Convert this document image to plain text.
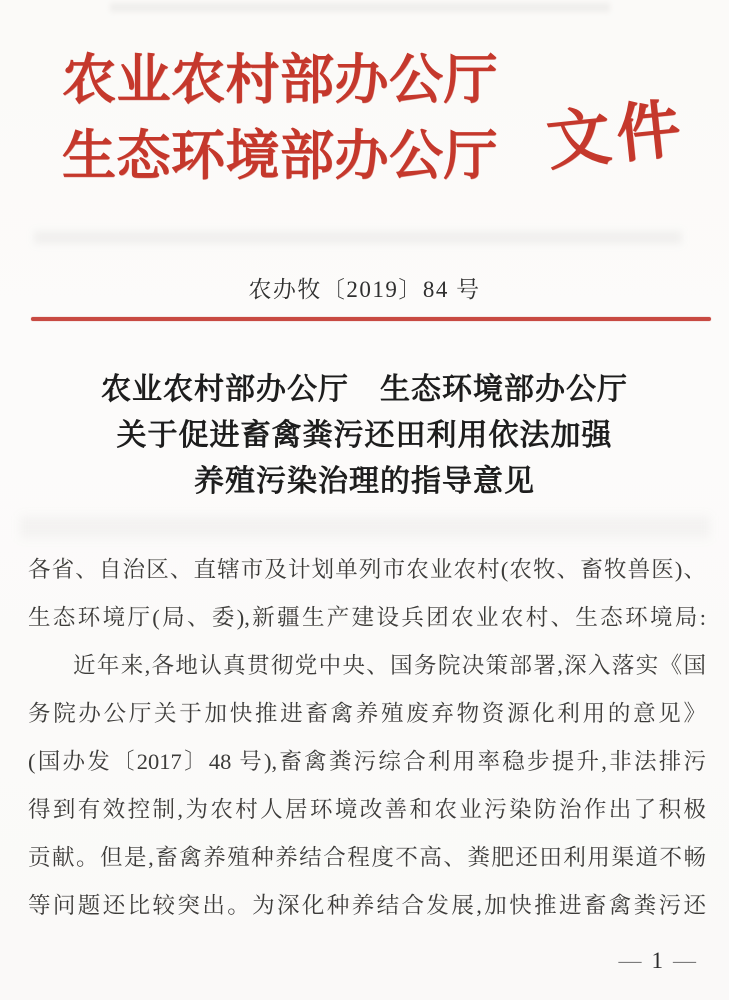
农业农村部办公厅
生态环境部办公厅 文件
农办牧〔2019〕84 号
农业农村部办公厅　生态环境部办公厅
关于促进畜禽粪污还田利用依法加强
养殖污染治理的指导意见

各省、自治区、直辖市及计划单列市农业农村(农牧、畜牧兽医)、

生态环境厅(局、委),新疆生产建设兵团农业农村、生态环境局:

近年来,各地认真贯彻党中央、国务院决策部署,深入落实《国

务院办公厅关于加快推进畜禽养殖废弃物资源化利用的意见》

(国办发〔2017〕48 号),畜禽粪污综合利用率稳步提升,非法排污

得到有效控制,为农村人居环境改善和农业污染防治作出了积极

贡献。但是,畜禽养殖种养结合程度不高、粪肥还田利用渠道不畅

等问题还比较突出。为深化种养结合发展,加快推进畜禽粪污还

— 1 —
